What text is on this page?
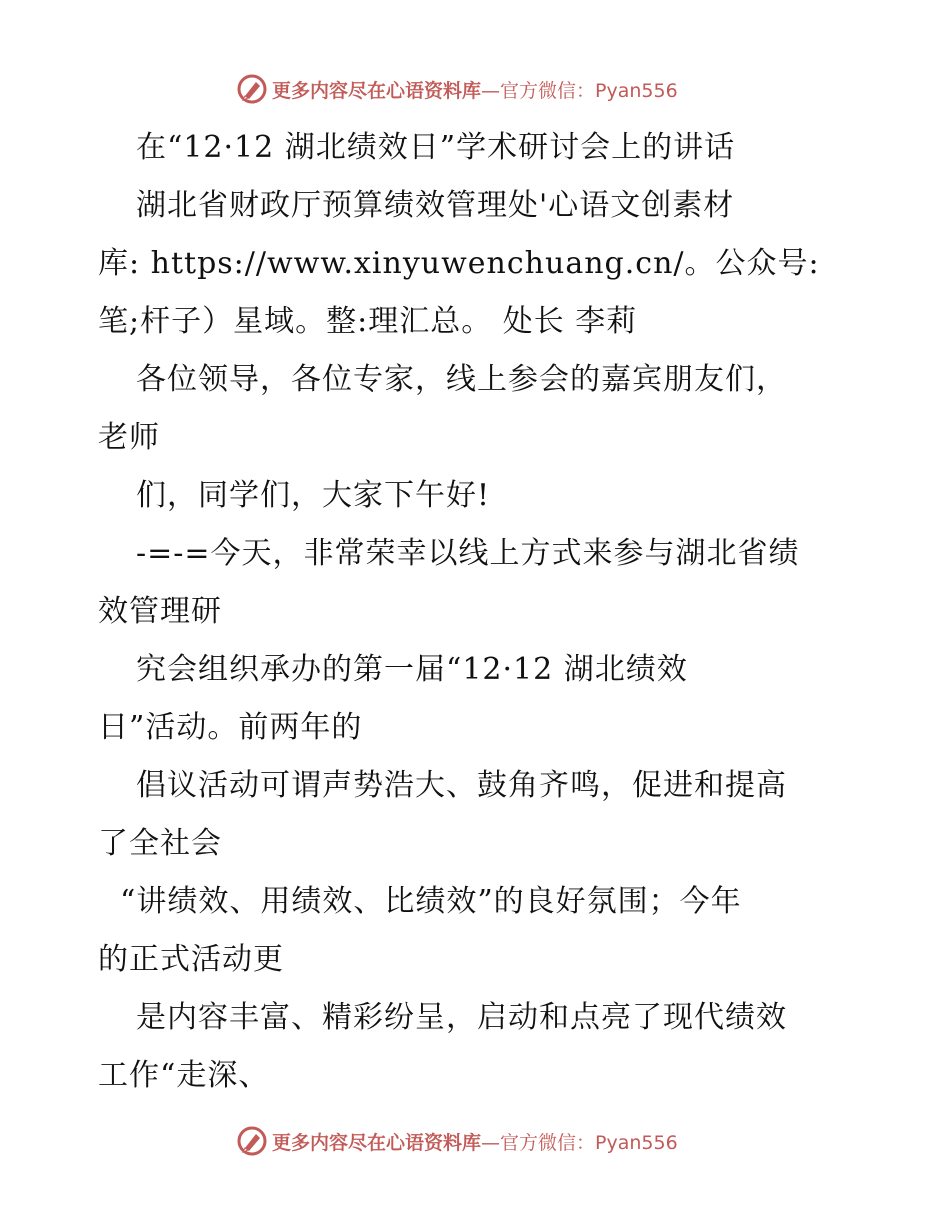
更多内容尽在心语资料库—官方微信：Pyan556
在“12·12 湖北绩效日”学术研讨会上的讲话
湖北省财政厅预算绩效管理处'心语文创素材
库: https://www.xinyuwenchuang.cn/。公众号:
笔;杆子）星域。整:理汇总。 处长 李莉
各位领导，各位专家，线上参会的嘉宾朋友们，
老师
们，同学们，大家下午好!
-=-=今天，非常荣幸以线上方式来参与湖北省绩
效管理研
究会组织承办的第一届“12·12 湖北绩效
日”活动。前两年的
倡议活动可谓声势浩大、鼓角齐鸣，促进和提高
了全社会
“讲绩效、用绩效、比绩效”的良好氛围；今年
的正式活动更
是内容丰富、精彩纷呈，启动和点亮了现代绩效
工作“走深、
更多内容尽在心语资料库—官方微信：Pyan556
